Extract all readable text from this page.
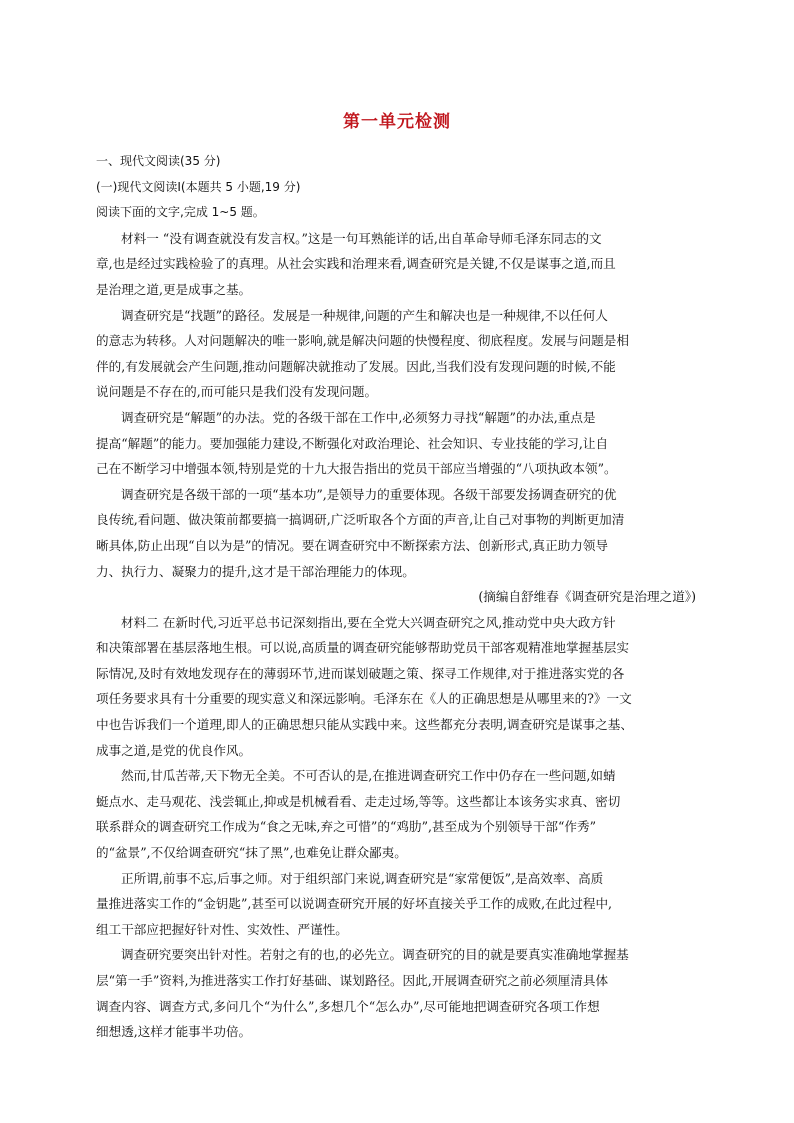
第一单元检测

一、现代文阅读(35 分)

(一)现代文阅读Ⅰ(本题共 5 小题,19 分)

阅读下面的文字,完成 1~5 题。

材料一 “没有调查就没有发言权。”这是一句耳熟能详的话,出自革命导师毛泽东同志的文

章,也是经过实践检验了的真理。从社会实践和治理来看,调查研究是关键,不仅是谋事之道,而且

是治理之道,更是成事之基。

调查研究是“找题”的路径。发展是一种规律,问题的产生和解决也是一种规律,不以任何人

的意志为转移。人对问题解决的唯一影响,就是解决问题的快慢程度、彻底程度。发展与问题是相

伴的,有发展就会产生问题,推动问题解决就推动了发展。因此,当我们没有发现问题的时候,不能

说问题是不存在的,而可能只是我们没有发现问题。

调查研究是“解题”的办法。党的各级干部在工作中,必须努力寻找“解题”的办法,重点是

提高“解题”的能力。要加强能力建设,不断强化对政治理论、社会知识、专业技能的学习,让自

己在不断学习中增强本领,特别是党的十九大报告指出的党员干部应当增强的“八项执政本领”。

调查研究是各级干部的一项“基本功”,是领导力的重要体现。各级干部要发扬调查研究的优

良传统,看问题、做决策前都要搞一搞调研,广泛听取各个方面的声音,让自己对事物的判断更加清

晰具体,防止出现“自以为是”的情况。要在调查研究中不断探索方法、创新形式,真正助力领导

力、执行力、凝聚力的提升,这才是干部治理能力的体现。

(摘编自舒维春《调查研究是治理之道》)

材料二 在新时代,习近平总书记深刻指出,要在全党大兴调查研究之风,推动党中央大政方针

和决策部署在基层落地生根。可以说,高质量的调查研究能够帮助党员干部客观精准地掌握基层实

际情况,及时有效地发现存在的薄弱环节,进而谋划破题之策、探寻工作规律,对于推进落实党的各

项任务要求具有十分重要的现实意义和深远影响。毛泽东在《人的正确思想是从哪里来的?》一文

中也告诉我们一个道理,即人的正确思想只能从实践中来。这些都充分表明,调查研究是谋事之基、

成事之道,是党的优良作风。

然而,甘瓜苦蒂,天下物无全美。不可否认的是,在推进调查研究工作中仍存在一些问题,如蜻

蜓点水、走马观花、浅尝辄止,抑或是机械看看、走走过场,等等。这些都让本该务实求真、密切

联系群众的调查研究工作成为“食之无味,弃之可惜”的“鸡肋”,甚至成为个别领导干部“作秀”

的“盆景”,不仅给调查研究“抹了黑”,也难免让群众鄙夷。

正所谓,前事不忘,后事之师。对于组织部门来说,调查研究是“家常便饭”,是高效率、高质

量推进落实工作的“金钥匙”,甚至可以说调查研究开展的好坏直接关乎工作的成败,在此过程中,

组工干部应把握好针对性、实效性、严谨性。

调查研究要突出针对性。若射之有的也,的必先立。调查研究的目的就是要真实准确地掌握基

层“第一手”资料,为推进落实工作打好基础、谋划路径。因此,开展调查研究之前必须厘清具体

调查内容、调查方式,多问几个“为什么”,多想几个“怎么办”,尽可能地把调查研究各项工作想

细想透,这样才能事半功倍。
